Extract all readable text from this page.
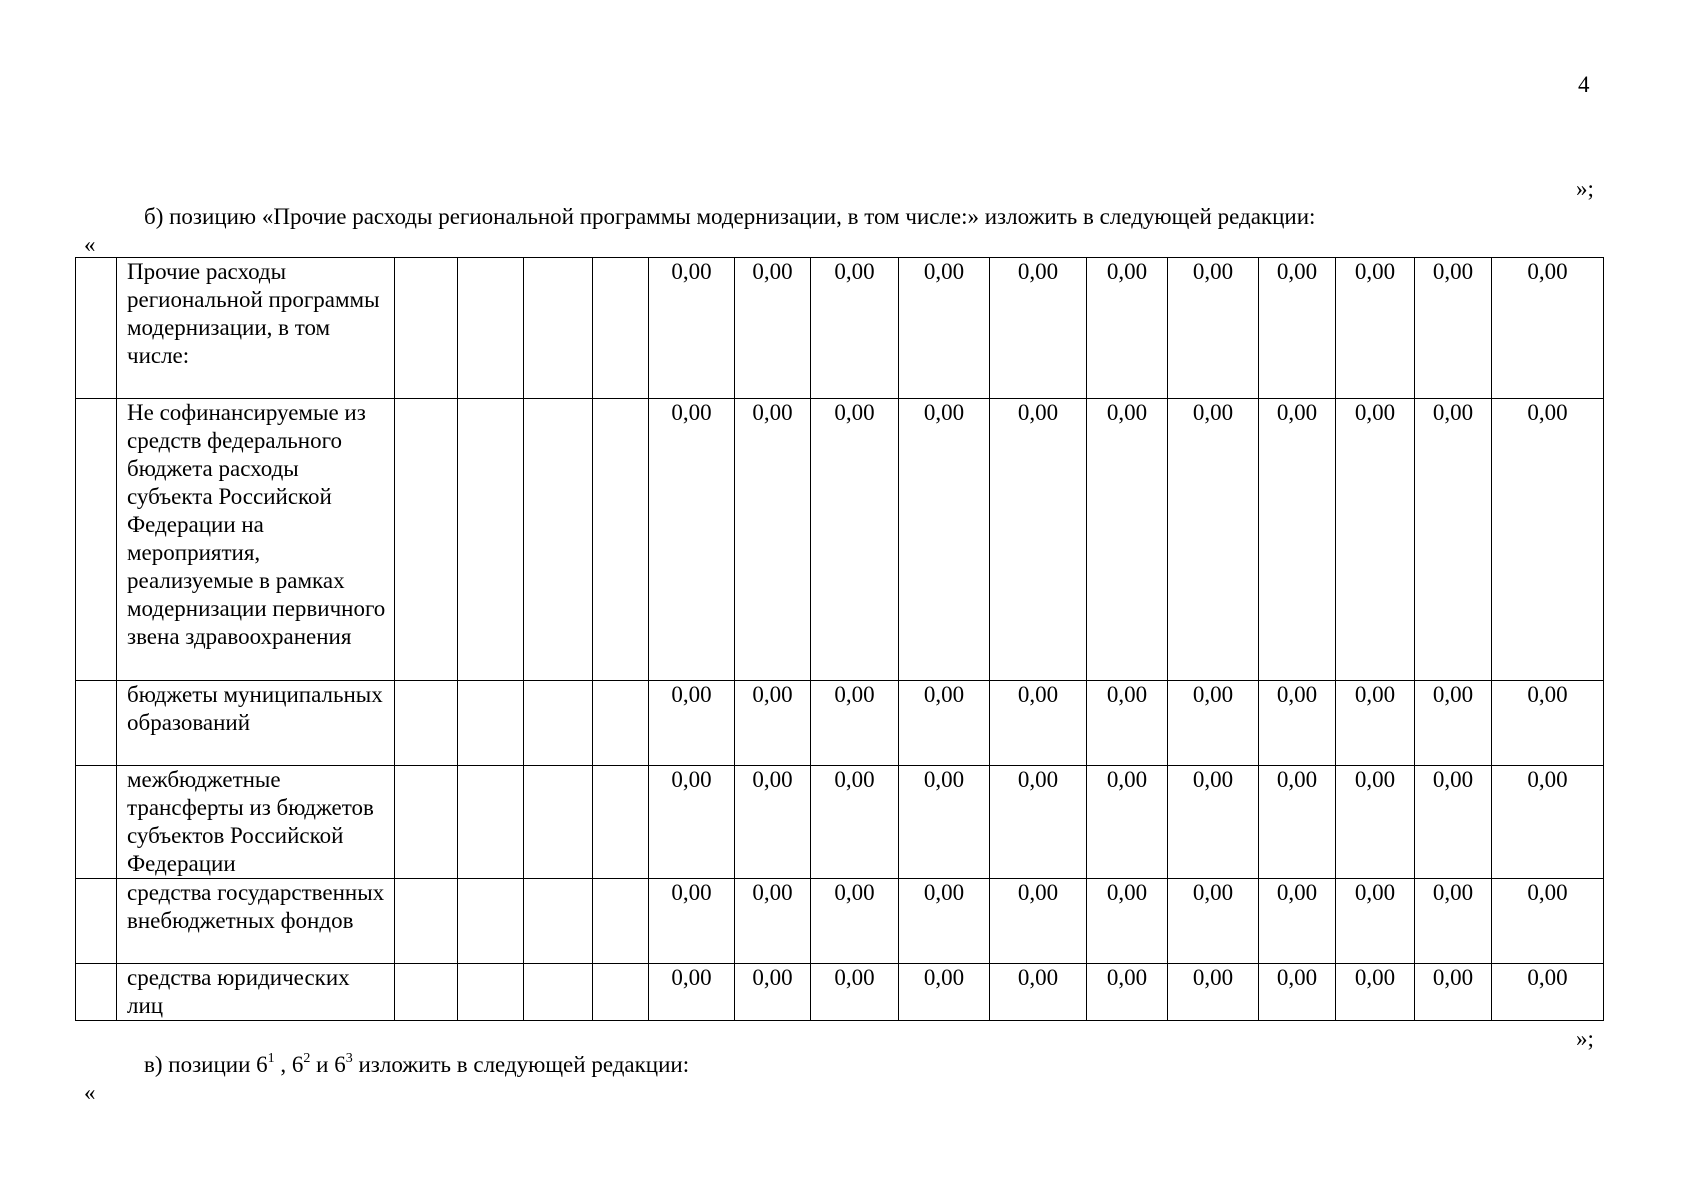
4
»;
б) позицию «Прочие расходы региональной программы модернизации, в том числе:» изложить в следующей редакции:
«
	Прочие расходы региональной программы модернизации, в том числе:					0,00	0,00	0,00	0,00	0,00	0,00	0,00	0,00	0,00	0,00	0,00
	Не софинансируемые из средств федерального бюджета расходы субъекта Российской Федерации на мероприятия, реализуемые в рамках модернизации первичного звена здравоохранения					0,00	0,00	0,00	0,00	0,00	0,00	0,00	0,00	0,00	0,00	0,00
	бюджеты муниципальных образований					0,00	0,00	0,00	0,00	0,00	0,00	0,00	0,00	0,00	0,00	0,00
	межбюджетные трансферты из бюджетов субъектов Российской Федерации					0,00	0,00	0,00	0,00	0,00	0,00	0,00	0,00	0,00	0,00	0,00
	средства государственных внебюджетных фондов					0,00	0,00	0,00	0,00	0,00	0,00	0,00	0,00	0,00	0,00	0,00
	средства юридических лиц					0,00	0,00	0,00	0,00	0,00	0,00	0,00	0,00	0,00	0,00	0,00
»;
в) позиции $6^1$ , $6^2$ и $6^3$ изложить в следующей редакции:
«
